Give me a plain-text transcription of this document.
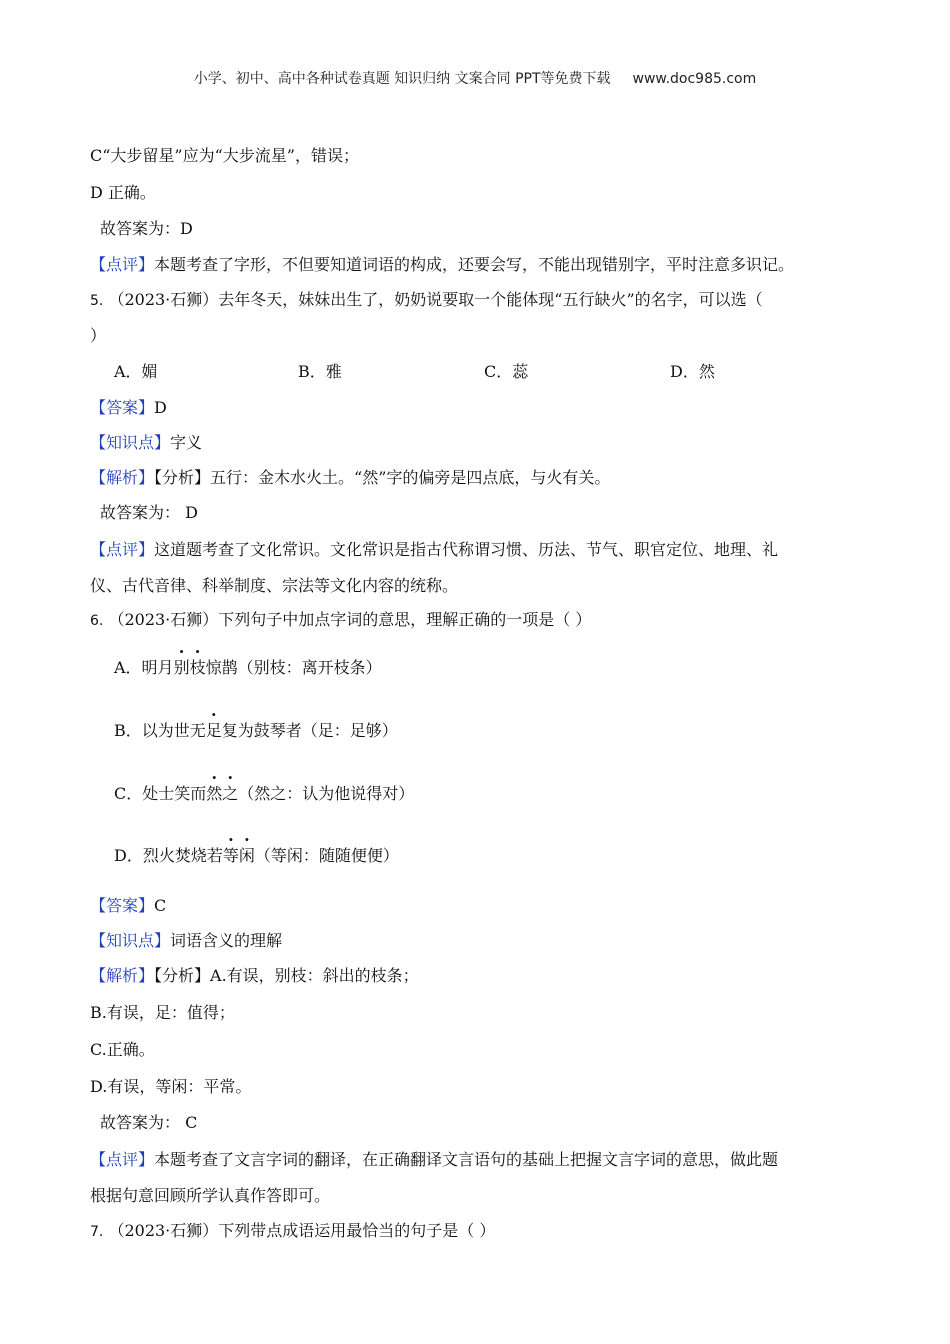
小学、初中、高中各种试卷真题 知识归纳 文案合同 PPT等免费下载 www.doc985.com
C“大步留星”应为“大步流星”，错误；
D 正确。
故答案为：D
【点评】本题考查了字形，不但要知道词语的构成，还要会写，不能出现错别字，平时注意多识记。
5. （2023·石狮）去年冬天，妹妹出生了，奶奶说要取一个能体现“五行缺火”的名字，可以选（
）
A．媚	B．雅	C．蕊	D．然
【答案】D
【知识点】字义
【解析】【分析】五行：金木水火土。“然”字的偏旁是四点底，与火有关。
故答案为： D
【点评】这道题考查了文化常识。文化常识是指古代称谓习惯、历法、节气、职官定位、地理、礼
仪、古代音律、科举制度、宗法等文化内容的统称。
6. （2023·石狮）下列句子中加点字词的意思，理解正确的一项是（ ）
A．明月别枝惊鹊（别枝：离开枝条）
B．以为世无足复为鼓琴者（足：足够）
C．处士笑而然之（然之：认为他说得对）
D．烈火焚烧若等闲（等闲：随随便便）
【答案】C
【知识点】词语含义的理解
【解析】【分析】A.有误，别枝：斜出的枝条；
B.有误，足：值得；
C.正确。
D.有误，等闲：平常。
故答案为： C
【点评】本题考查了文言字词的翻译，在正确翻译文言语句的基础上把握文言字词的意思，做此题
根据句意回顾所学认真作答即可。
7. （2023·石狮）下列带点成语运用最恰当的句子是（ ）
